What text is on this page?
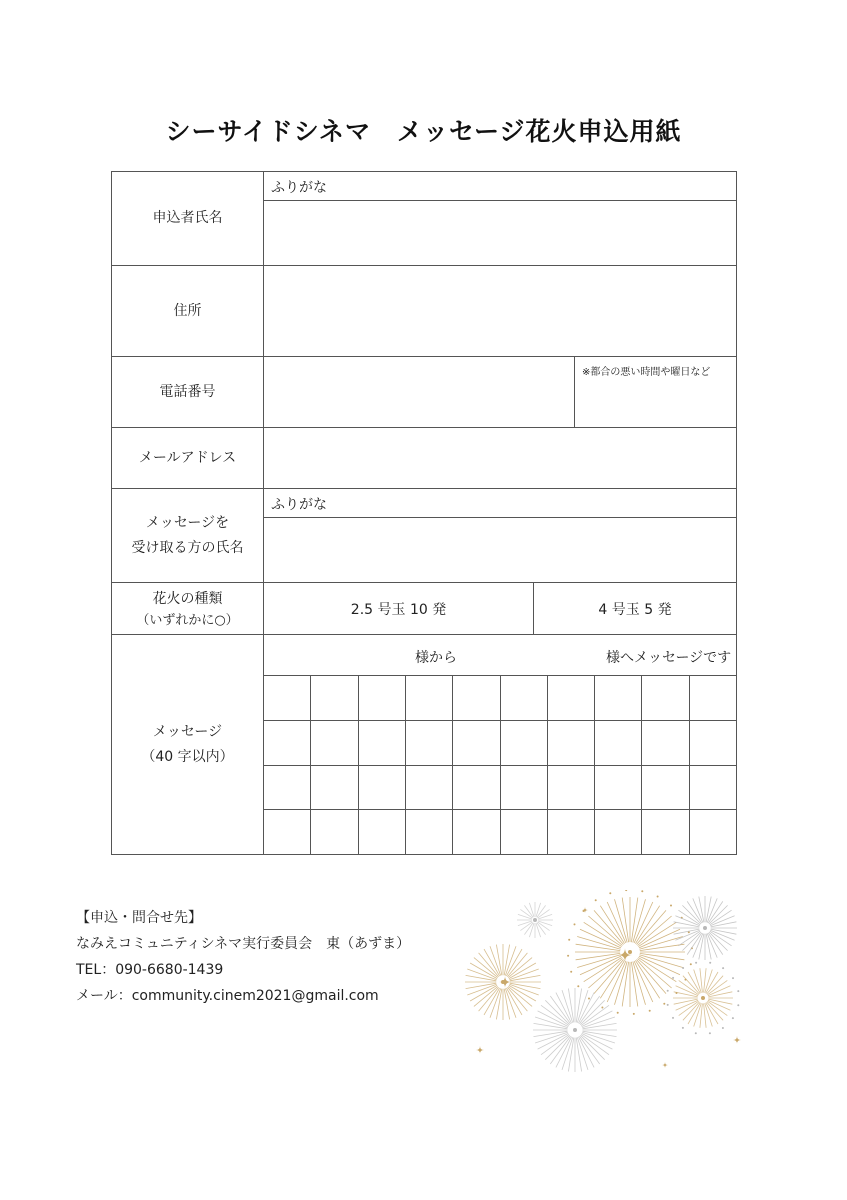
シーサイドシネマ　メッセージ花火申込用紙
申込者氏名
ふりがな
住所
電話番号
※都合の悪い時間や曜日など
メールアドレス
メッセージを
受け取る方の氏名
ふりがな
花火の種類
（いずれかに○）
2.5 号玉 10 発	4 号玉 5 発
メッセージ
（40 字以内）
様から	様へメッセージです
【申込・問合せ先】
なみえコミュニティシネマ実行委員会　東（あずま）
TEL：090-6680-1439
メール：community.cinem2021@gmail.com
